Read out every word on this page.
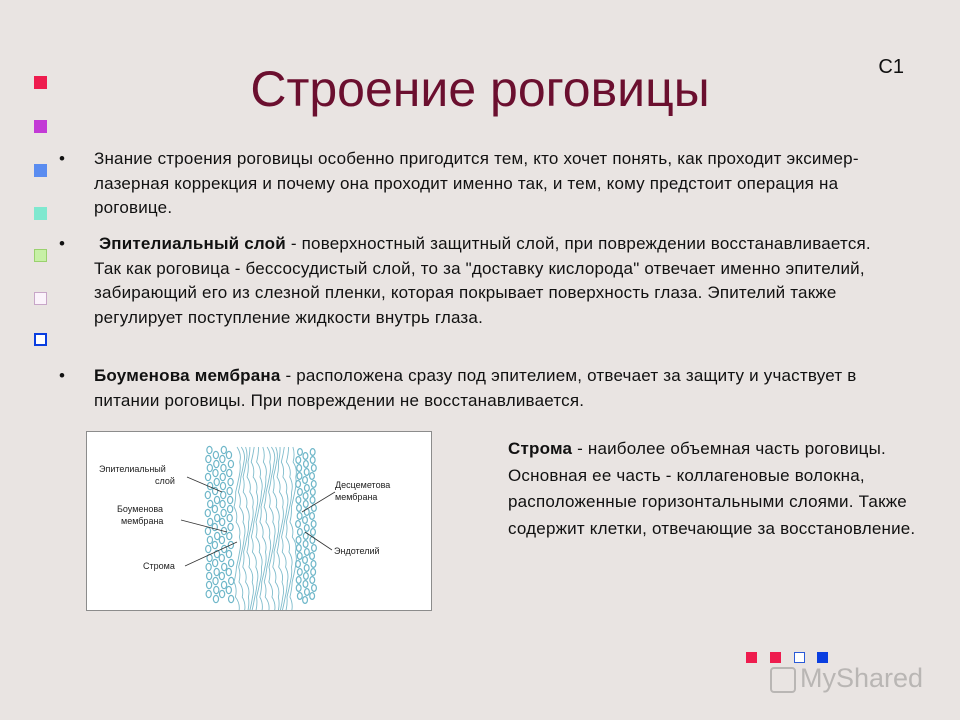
Строение роговицы	С1
• Знание строения роговицы особенно пригодится тем, кто хочет понять, как проходит эксимер-лазерная коррекция и почему она проходит именно так, и тем, кому предстоит операция на роговице.
• Эпителиальный слой - поверхностный защитный слой, при повреждении восстанавливается. Так как роговица - бессосудистый слой, то за "доставку кислорода" отвечает именно эпителий, забирающий его из слезной пленки, которая покрывает поверхность глаза. Эпителий также регулирует поступление жидкости внутрь глаза.
• Боуменова мембрана - расположена сразу под эпителием, отвечает за защиту и участвует в питании роговицы. При повреждении не восстанавливается.
Эпителиальный
слой
Боуменова
мембрана
Строма
Десцеметова
мембрана
Эндотелий
Строма - наиболее объемная часть роговицы. Основная ее часть - коллагеновые волокна, расположенные горизонтальными слоями. Также содержит клетки, отвечающие за восстановление.
MyShared
